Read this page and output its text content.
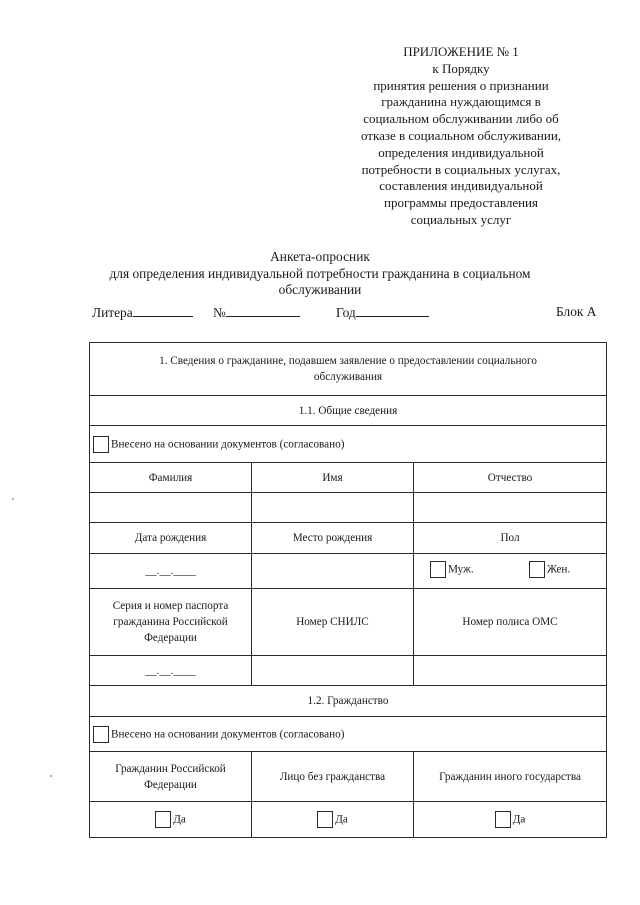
ПРИЛОЖЕНИЕ № 1
к Порядку
принятия решения о признании
гражданина нуждающимся в
социальном обслуживании либо об
отказе в социальном обслуживании,
определения индивидуальной
потребности в социальных услугах,
составления индивидуальной
программы предоставления
социальных услуг
Анкета-опросник
для определения индивидуальной потребности гражданина в социальном
обслуживании
Литера	№	Год	Блок А
1. Сведения о гражданине, подавшем заявление о предоставлении социального
обслуживания		

1.1. Общие сведения		
Внесено на основании документов (согласовано)		
Фамилия	Имя	Отчество

Дата рождения	Место рождения	Пол
__.__.____		Муж. Жен.

Серия и номер паспорта
гражданина Российской
Федерации	Номер СНИЛС	Номер полиса ОМС
__.__.____		
1.2. Гражданство		
Внесено на основании документов (согласовано)		

Гражданин Российской
Федерации	Лицо без гражданства	Гражданин иного государства
Да	Да	Да
